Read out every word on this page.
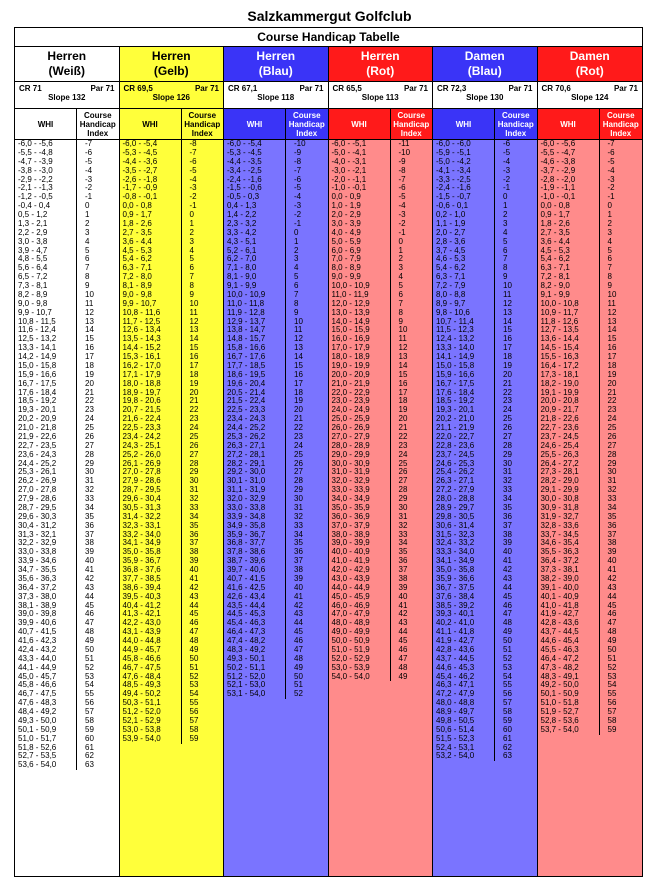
Salzkammergut Golfclub
Course Handicap Tabelle
Herren
(Weiß)
CR 71	Par 71
Slope 132
WHI
Course
Handicap
Index
-6,0 - -5,6	-7
-5,5 - -4,8	-6
-4,7 - -3,9	-5
-3,8 - -3,0	-4
-2,9 - -2,2	-3
-2,1 - -1,3	-2
-1,2 - -0,5	-1
-0,4 - 0,4	0
0,5 - 1,2	1
1,3 - 2,1	2
2,2 - 2,9	3
3,0 - 3,8	4
3,9 - 4,7	5
4,8 - 5,5	6
5,6 - 6,4	7
6,5 - 7,2	8
7,3 - 8,1	9
8,2 - 8,9	10
9,0 - 9,8	11
9,9 - 10,7	12
10,8 - 11,5	13
11,6 - 12,4	14
12,5 - 13,2	15
13,3 - 14,1	16
14,2 - 14,9	17
15,0 - 15,8	18
15,9 - 16,6	19
16,7 - 17,5	20
17,6 - 18,4	21
18,5 - 19,2	22
19,3 - 20,1	23
20,2 - 20,9	24
21,0 - 21,8	25
21,9 - 22,6	26
22,7 - 23,5	27
23,6 - 24,3	28
24,4 - 25,2	29
25,3 - 26,1	30
26,2 - 26,9	31
27,0 - 27,8	32
27,9 - 28,6	33
28,7 - 29,5	34
29,6 - 30,3	35
30,4 - 31,2	36
31,3 - 32,1	37
32,2 - 32,9	38
33,0 - 33,8	39
33,9 - 34,6	40
34,7 - 35,5	41
35,6 - 36,3	42
36,4 - 37,2	43
37,3 - 38,0	44
38,1 - 38,9	45
39,0 - 39,8	46
39,9 - 40,6	47
40,7 - 41,5	48
41,6 - 42,3	49
42,4 - 43,2	50
43,3 - 44,0	51
44,1 - 44,9	52
45,0 - 45,7	53
45,8 - 46,6	54
46,7 - 47,5	55
47,6 - 48,3	56
48,4 - 49,2	57
49,3 - 50,0	58
50,1 - 50,9	59
51,0 - 51,7	60
51,8 - 52,6	61
52,7 - 53,5	62
53,6 - 54,0	63
Herren
(Gelb)
CR 69,5	Par 71
Slope 126
WHI
Course
Handicap
Index
-6,0 - -5,4	-8
-5,3 - -4,5	-7
-4,4 - -3,6	-6
-3,5 - -2,7	-5
-2,6 - -1,8	-4
-1,7 - -0,9	-3
-0,8 - -0,1	-2
0,0 - 0,8	-1
0,9 - 1,7	0
1,8 - 2,6	1
2,7 - 3,5	2
3,6 - 4,4	3
4,5 - 5,3	4
5,4 - 6,2	5
6,3 - 7,1	6
7,2 - 8,0	7
8,1 - 8,9	8
9,0 - 9,8	9
9,9 - 10,7	10
10,8 - 11,6	11
11,7 - 12,5	12
12,6 - 13,4	13
13,5 - 14,3	14
14,4 - 15,2	15
15,3 - 16,1	16
16,2 - 17,0	17
17,1 - 17,9	18
18,0 - 18,8	19
18,9 - 19,7	20
19,8 - 20,6	21
20,7 - 21,5	22
21,6 - 22,4	23
22,5 - 23,3	24
23,4 - 24,2	25
24,3 - 25,1	26
25,2 - 26,0	27
26,1 - 26,9	28
27,0 - 27,8	29
27,9 - 28,6	30
28,7 - 29,5	31
29,6 - 30,4	32
30,5 - 31,3	33
31,4 - 32,2	34
32,3 - 33,1	35
33,2 - 34,0	36
34,1 - 34,9	37
35,0 - 35,8	38
35,9 - 36,7	39
36,8 - 37,6	40
37,7 - 38,5	41
38,6 - 39,4	42
39,5 - 40,3	43
40,4 - 41,2	44
41,3 - 42,1	45
42,2 - 43,0	46
43,1 - 43,9	47
44,0 - 44,8	48
44,9 - 45,7	49
45,8 - 46,6	50
46,7 - 47,5	51
47,6 - 48,4	52
48,5 - 49,3	53
49,4 - 50,2	54
50,3 - 51,1	55
51,2 - 52,0	56
52,1 - 52,9	57
53,0 - 53,8	58
53,9 - 54,0	59
Herren
(Blau)
CR 67,1	Par 71
Slope 118
WHI
Course
Handicap
Index
-6,0 - -5,4	-10
-5,3 - -4,5	-9
-4,4 - -3,5	-8
-3,4 - -2,5	-7
-2,4 - -1,6	-6
-1,5 - -0,6	-5
-0,5 - 0,3	-4
0,4 - 1,3	-3
1,4 - 2,2	-2
2,3 - 3,2	-1
3,3 - 4,2	0
4,3 - 5,1	1
5,2 - 6,1	2
6,2 - 7,0	3
7,1 - 8,0	4
8,1 - 9,0	5
9,1 - 9,9	6
10,0 - 10,9	7
11,0 - 11,8	8
11,9 - 12,8	9
12,9 - 13,7	10
13,8 - 14,7	11
14,8 - 15,7	12
15,8 - 16,6	13
16,7 - 17,6	14
17,7 - 18,5	15
18,6 - 19,5	16
19,6 - 20,4	17
20,5 - 21,4	18
21,5 - 22,4	19
22,5 - 23,3	20
23,4 - 24,3	21
24,4 - 25,2	22
25,3 - 26,2	23
26,3 - 27,1	24
27,2 - 28,1	25
28,2 - 29,1	26
29,2 - 30,0	27
30,1 - 31,0	28
31,1 - 31,9	29
32,0 - 32,9	30
33,0 - 33,8	31
33,9 - 34,8	32
34,9 - 35,8	33
35,9 - 36,7	34
36,8 - 37,7	35
37,8 - 38,6	36
38,7 - 39,6	37
39,7 - 40,6	38
40,7 - 41,5	39
41,6 - 42,5	40
42,6 - 43,4	41
43,5 - 44,4	42
44,5 - 45,3	43
45,4 - 46,3	44
46,4 - 47,3	45
47,4 - 48,2	46
48,3 - 49,2	47
49,3 - 50,1	48
50,2 - 51,1	49
51,2 - 52,0	50
52,1 - 53,0	51
53,1 - 54,0	52
Herren
(Rot)
CR 65,5	Par 71
Slope 113
WHI
Course
Handicap
Index
-6,0 - -5,1	-11
-5,0 - -4,1	-10
-4,0 - -3,1	-9
-3,0 - -2,1	-8
-2,0 - -1,1	-7
-1,0 - -0,1	-6
0,0 - 0,9	-5
1,0 - 1,9	-4
2,0 - 2,9	-3
3,0 - 3,9	-2
4,0 - 4,9	-1
5,0 - 5,9	0
6,0 - 6,9	1
7,0 - 7,9	2
8,0 - 8,9	3
9,0 - 9,9	4
10,0 - 10,9	5
11,0 - 11,9	6
12,0 - 12,9	7
13,0 - 13,9	8
14,0 - 14,9	9
15,0 - 15,9	10
16,0 - 16,9	11
17,0 - 17,9	12
18,0 - 18,9	13
19,0 - 19,9	14
20,0 - 20,9	15
21,0 - 21,9	16
22,0 - 22,9	17
23,0 - 23,9	18
24,0 - 24,9	19
25,0 - 25,9	20
26,0 - 26,9	21
27,0 - 27,9	22
28,0 - 28,9	23
29,0 - 29,9	24
30,0 - 30,9	25
31,0 - 31,9	26
32,0 - 32,9	27
33,0 - 33,9	28
34,0 - 34,9	29
35,0 - 35,9	30
36,0 - 36,9	31
37,0 - 37,9	32
38,0 - 38,9	33
39,0 - 39,9	34
40,0 - 40,9	35
41,0 - 41,9	36
42,0 - 42,9	37
43,0 - 43,9	38
44,0 - 44,9	39
45,0 - 45,9	40
46,0 - 46,9	41
47,0 - 47,9	42
48,0 - 48,9	43
49,0 - 49,9	44
50,0 - 50,9	45
51,0 - 51,9	46
52,0 - 52,9	47
53,0 - 53,9	48
54,0 - 54,0	49
Damen
(Blau)
CR 72,3	Par 71
Slope 130
WHI
Course
Handicap
Index
-6,0 - -6,0	-6
-5,9 - -5,1	-5
-5,0 - -4,2	-4
-4,1 - -3,4	-3
-3,3 - -2,5	-2
-2,4 - -1,6	-1
-1,5 - -0,7	0
-0,6 - 0,1	1
0,2 - 1,0	2
1,1 - 1,9	3
2,0 - 2,7	4
2,8 - 3,6	5
3,7 - 4,5	6
4,6 - 5,3	7
5,4 - 6,2	8
6,3 - 7,1	9
7,2 - 7,9	10
8,0 - 8,8	11
8,9 - 9,7	12
9,8 - 10,6	13
10,7 - 11,4	14
11,5 - 12,3	15
12,4 - 13,2	16
13,3 - 14,0	17
14,1 - 14,9	18
15,0 - 15,8	19
15,9 - 16,6	20
16,7 - 17,5	21
17,6 - 18,4	22
18,5 - 19,2	23
19,3 - 20,1	24
20,2 - 21,0	25
21,1 - 21,9	26
22,0 - 22,7	27
22,8 - 23,6	28
23,7 - 24,5	29
24,6 - 25,3	30
25,4 - 26,2	31
26,3 - 27,1	32
27,2 - 27,9	33
28,0 - 28,8	34
28,9 - 29,7	35
29,8 - 30,5	36
30,6 - 31,4	37
31,5 - 32,3	38
32,4 - 33,2	39
33,3 - 34,0	40
34,1 - 34,9	41
35,0 - 35,8	42
35,9 - 36,6	43
36,7 - 37,5	44
37,6 - 38,4	45
38,5 - 39,2	46
39,3 - 40,1	47
40,2 - 41,0	48
41,1 - 41,8	49
41,9 - 42,7	50
42,8 - 43,6	51
43,7 - 44,5	52
44,6 - 45,3	53
45,4 - 46,2	54
46,3 - 47,1	55
47,2 - 47,9	56
48,0 - 48,8	57
48,9 - 49,7	58
49,8 - 50,5	59
50,6 - 51,4	60
51,5 - 52,3	61
52,4 - 53,1	62
53,2 - 54,0	63
Damen
(Rot)
CR 70,6	Par 71
Slope 124
WHI
Course
Handicap
Index
-6,0 - -5,6	-7
-5,5 - -4,7	-6
-4,6 - -3,8	-5
-3,7 - -2,9	-4
-2,8 - -2,0	-3
-1,9 - -1,1	-2
-1,0 - -0,1	-1
0,0 - 0,8	0
0,9 - 1,7	1
1,8 - 2,6	2
2,7 - 3,5	3
3,6 - 4,4	4
4,5 - 5,3	5
5,4 - 6,2	6
6,3 - 7,1	7
7,2 - 8,1	8
8,2 - 9,0	9
9,1 - 9,9	10
10,0 - 10,8	11
10,9 - 11,7	12
11,8 - 12,6	13
12,7 - 13,5	14
13,6 - 14,4	15
14,5 - 15,4	16
15,5 - 16,3	17
16,4 - 17,2	18
17,3 - 18,1	19
18,2 - 19,0	20
19,1 - 19,9	21
20,0 - 20,8	22
20,9 - 21,7	23
21,8 - 22,6	24
22,7 - 23,6	25
23,7 - 24,5	26
24,6 - 25,4	27
25,5 - 26,3	28
26,4 - 27,2	29
27,3 - 28,1	30
28,2 - 29,0	31
29,1 - 29,9	32
30,0 - 30,8	33
30,9 - 31,8	34
31,9 - 32,7	35
32,8 - 33,6	36
33,7 - 34,5	37
34,6 - 35,4	38
35,5 - 36,3	39
36,4 - 37,2	40
37,3 - 38,1	41
38,2 - 39,0	42
39,1 - 40,0	43
40,1 - 40,9	44
41,0 - 41,8	45
41,9 - 42,7	46
42,8 - 43,6	47
43,7 - 44,5	48
44,6 - 45,4	49
45,5 - 46,3	50
46,4 - 47,2	51
47,3 - 48,2	52
48,3 - 49,1	53
49,2 - 50,0	54
50,1 - 50,9	55
51,0 - 51,8	56
51,9 - 52,7	57
52,8 - 53,6	58
53,7 - 54,0	59
